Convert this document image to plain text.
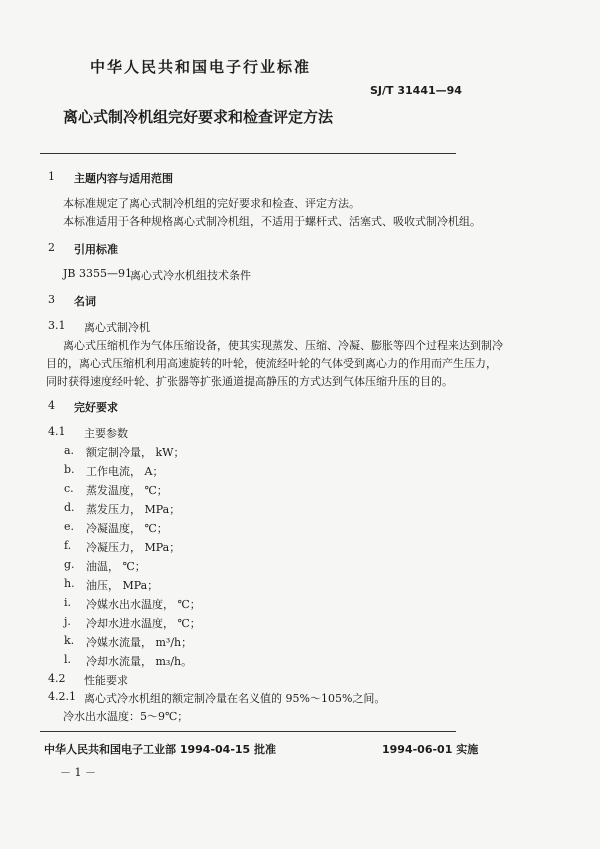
中华人民共和国电子行业标准
SJ/T 31441—94
离心式制冷机组完好要求和检查评定方法
1 主题内容与适用范围
本标准规定了离心式制冷机组的完好要求和检查、评定方法。
本标准适用于各种规格离心式制冷机组，不适用于螺杆式、活塞式、吸收式制冷机组。
2 引用标准
JB 3355—91
离心式冷水机组技术条件
3 名词
3.1 离心式制冷机
离心式压缩机作为气体压缩设备，使其实现蒸发、压缩、冷凝、膨胀等四个过程来达到制冷
目的，离心式压缩机利用高速旋转的叶轮，使流经叶轮的气体受到离心力的作用而产生压力，
同时获得速度经叶轮、扩张器等扩张通道提高静压的方式达到气体压缩升压的目的。
4 完好要求
4.1 主要参数
a. 额定制冷量， kW；
b. 工作电流， A；
c. 蒸发温度， ℃；
d. 蒸发压力， MPa；
e. 冷凝温度， ℃；
f. 冷凝压力， MPa；
g. 油温， ℃；
h. 油压， MPa；
i. 冷媒水出水温度， ℃；
j. 冷却水进水温度， ℃；
k. 冷媒水流量， m³/h；
l. 冷却水流量， m₃/h。
4.2 性能要求
4.2.1 离心式冷水机组的额定制冷量在名义值的 95%～105%之间。
冷水出水温度：5～9℃；
中华人民共和国电子工业部 1994-04-15 批准	1994-06-01 实施
－ 1 －
